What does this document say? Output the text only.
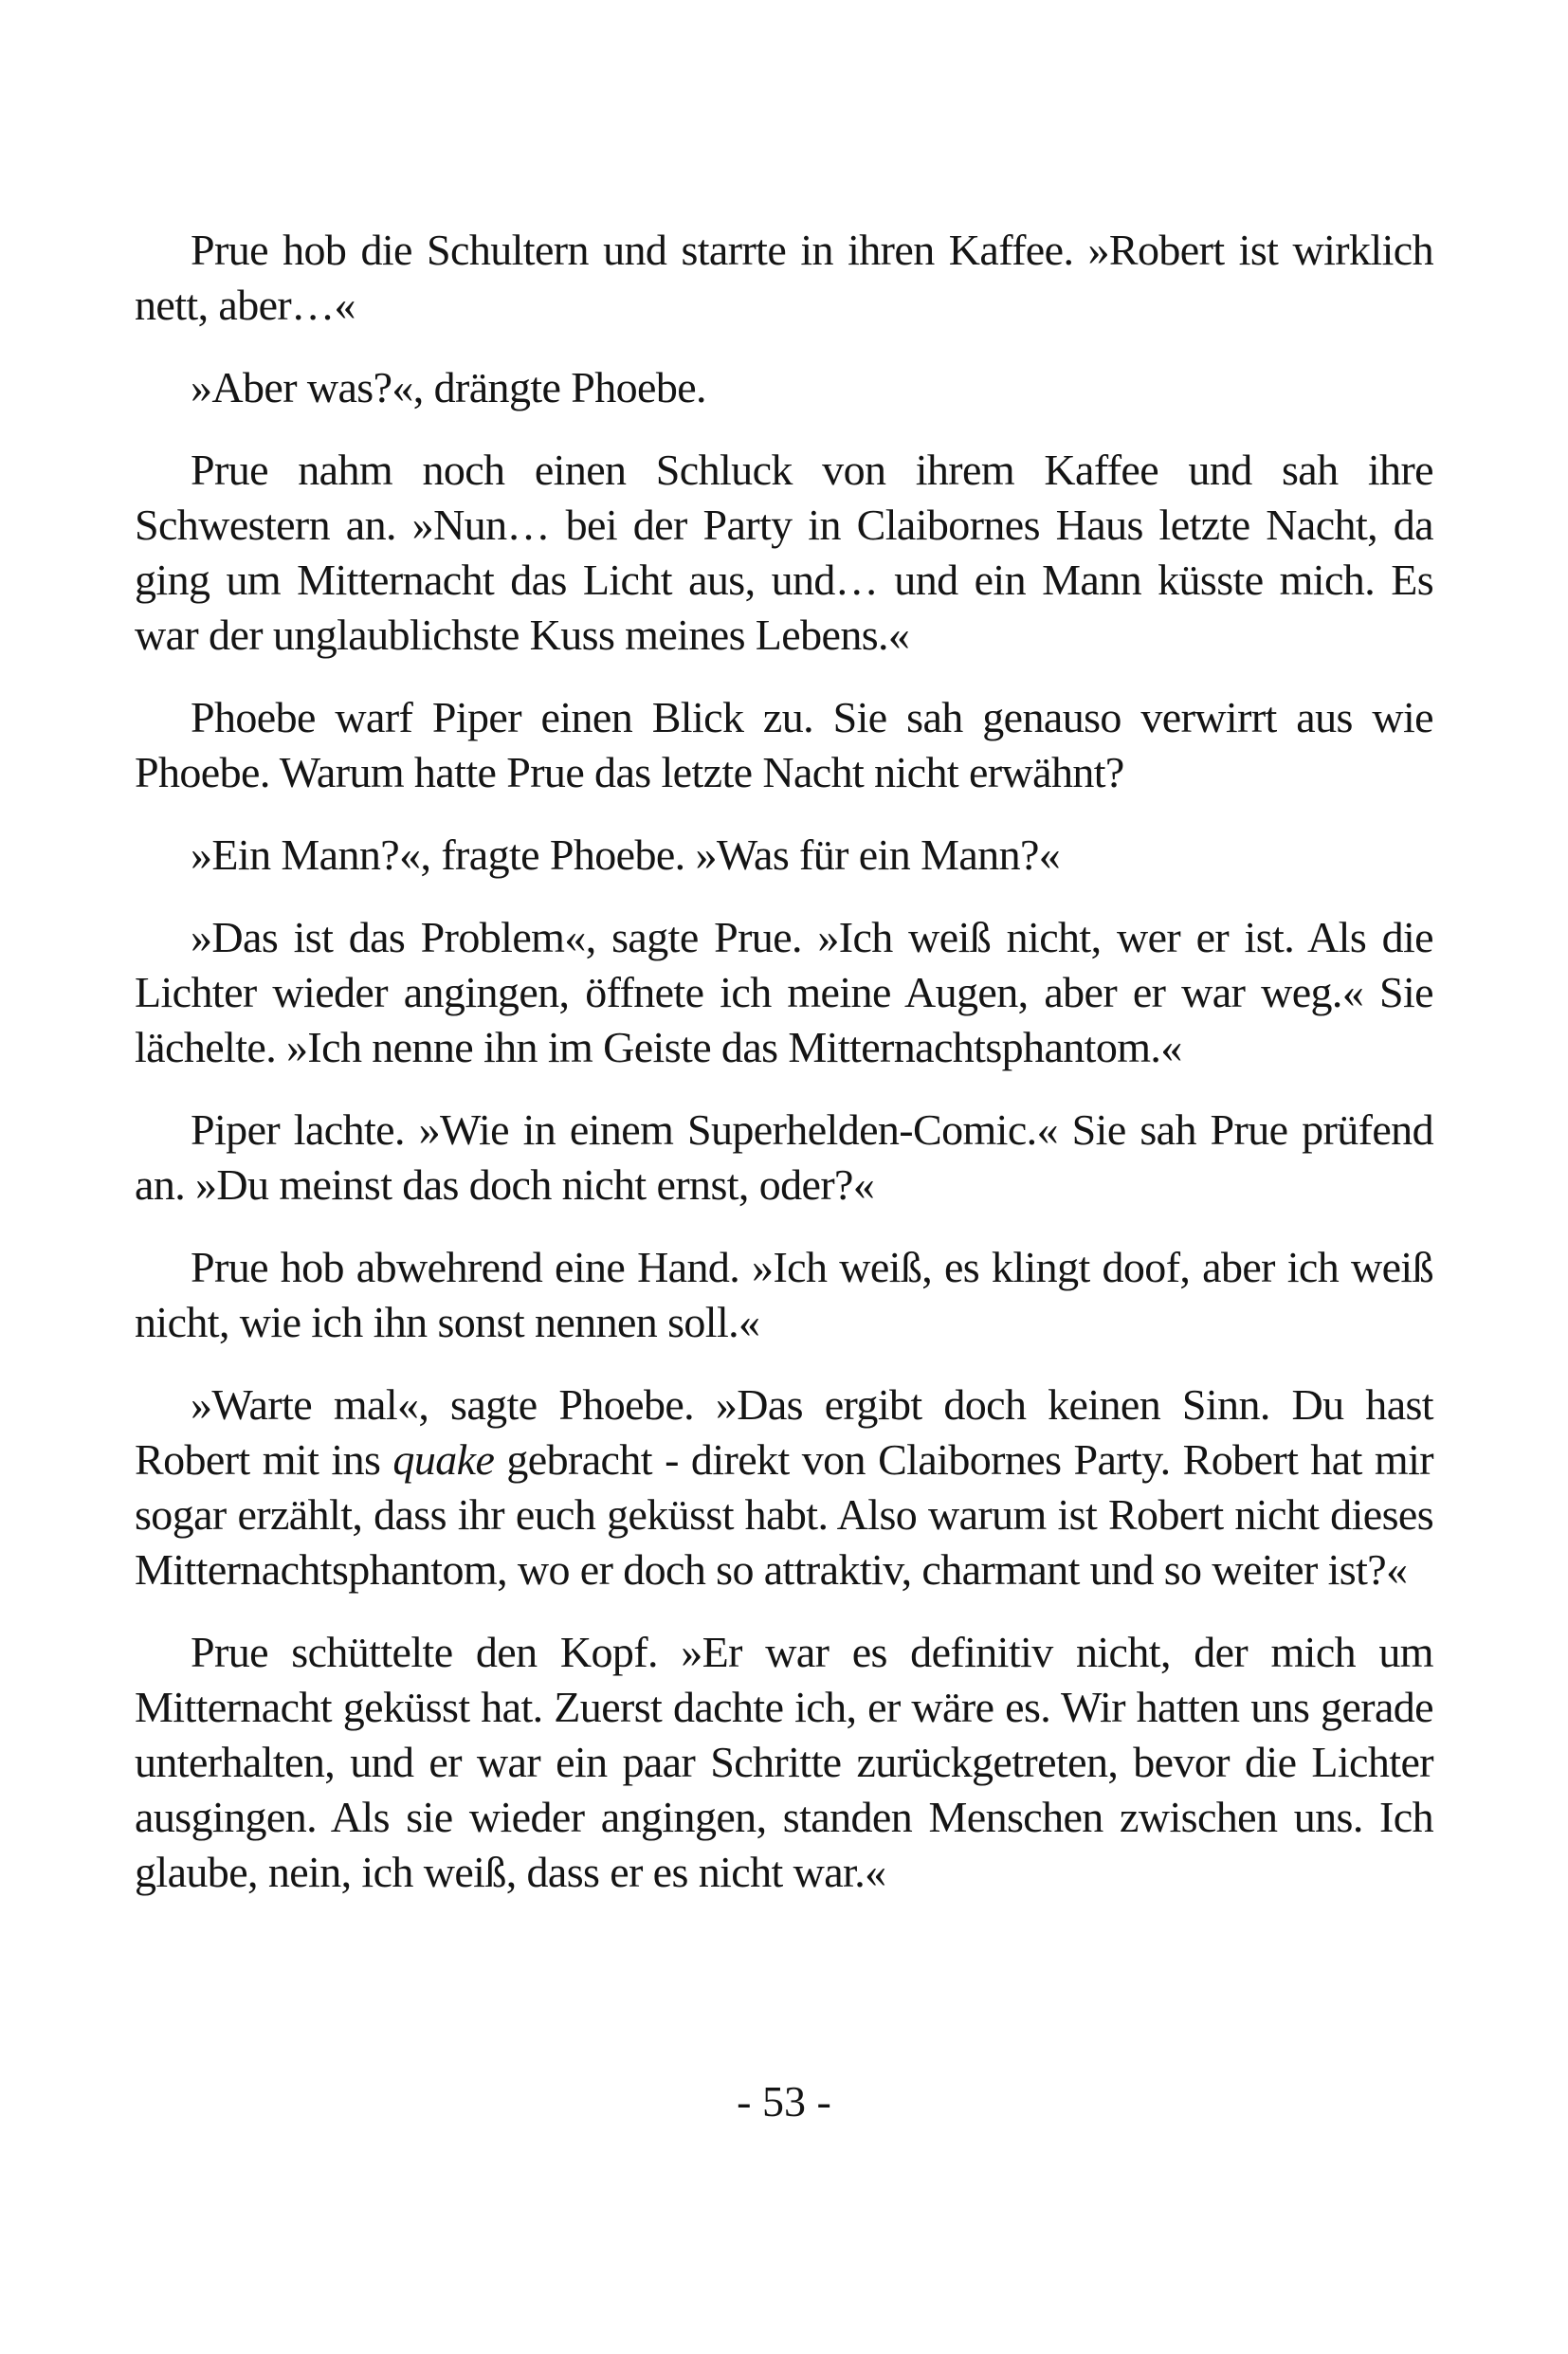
Prue hob die Schultern und starrte in ihren Kaffee. »Robert ist wirklich nett, aber…«

»Aber was?«, drängte Phoebe.

Prue nahm noch einen Schluck von ihrem Kaffee und sah ihre Schwestern an. »Nun… bei der Party in Claibornes Haus letzte Nacht, da ging um Mitternacht das Licht aus, und… und ein Mann küsste mich. Es war der unglaublichste Kuss meines Lebens.«

Phoebe warf Piper einen Blick zu. Sie sah genauso verwirrt aus wie Phoebe. Warum hatte Prue das letzte Nacht nicht erwähnt?

»Ein Mann?«, fragte Phoebe. »Was für ein Mann?«

»Das ist das Problem«, sagte Prue. »Ich weiß nicht, wer er ist. Als die Lichter wieder angingen, öffnete ich meine Augen, aber er war weg.« Sie lächelte. »Ich nenne ihn im Geiste das Mitternachtsphantom.«

Piper lachte. »Wie in einem Superhelden-Comic.« Sie sah Prue prüfend an. »Du meinst das doch nicht ernst, oder?«

Prue hob abwehrend eine Hand. »Ich weiß, es klingt doof, aber ich weiß nicht, wie ich ihn sonst nennen soll.«

»Warte mal«, sagte Phoebe. »Das ergibt doch keinen Sinn. Du hast Robert mit ins quake gebracht - direkt von Claibornes Party. Robert hat mir sogar erzählt, dass ihr euch geküsst habt. Also warum ist Robert nicht dieses Mitternachtsphantom, wo er doch so attraktiv, charmant und so weiter ist?«

Prue schüttelte den Kopf. »Er war es definitiv nicht, der mich um Mitternacht geküsst hat. Zuerst dachte ich, er wäre es. Wir hatten uns gerade unterhalten, und er war ein paar Schritte zurückgetreten, bevor die Lichter ausgingen. Als sie wieder angingen, standen Menschen zwischen uns. Ich glaube, nein, ich weiß, dass er es nicht war.«

- 53 -
